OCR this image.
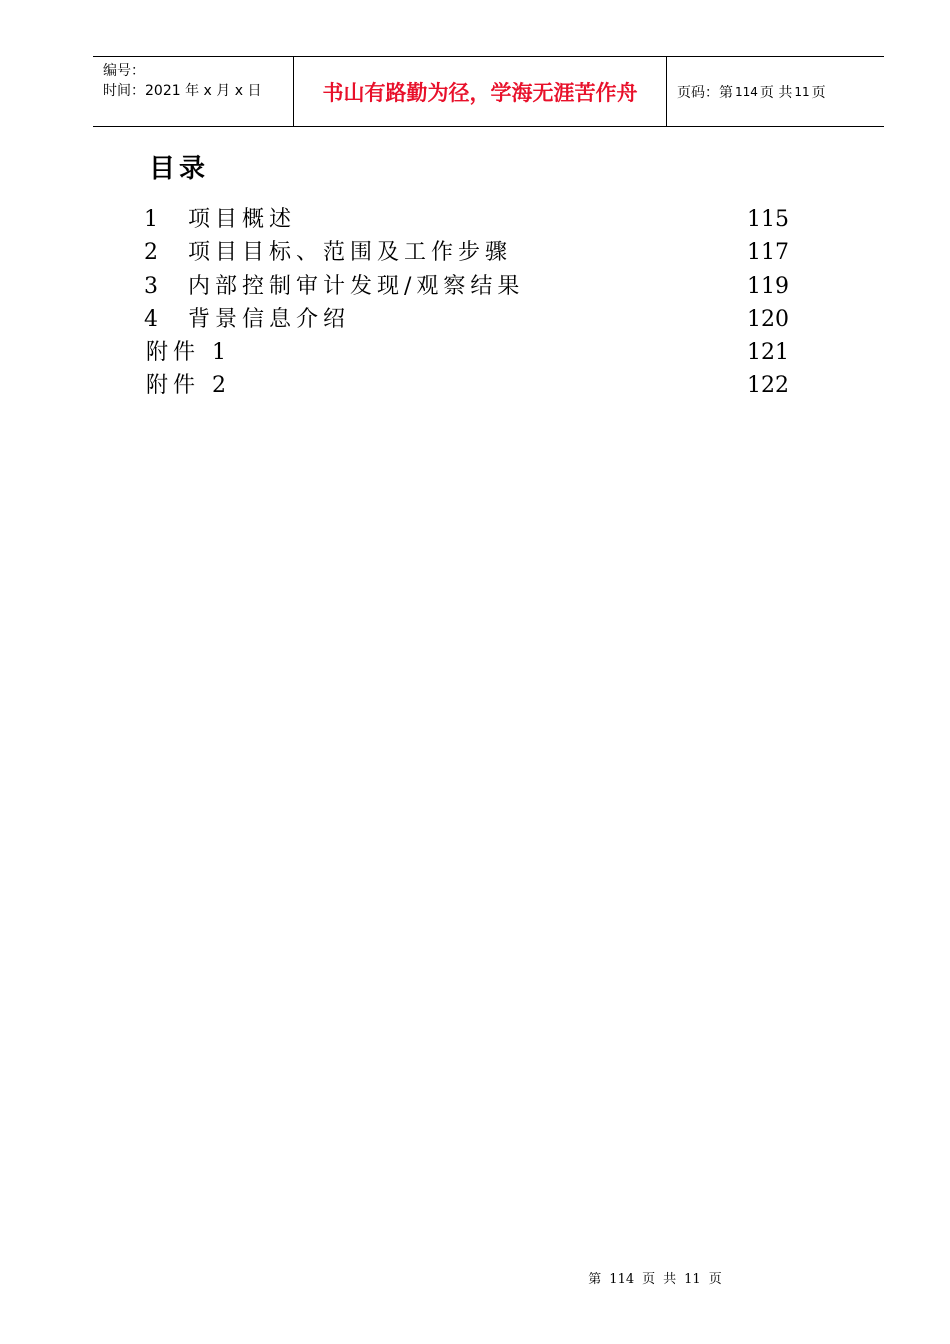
编号：
时间：2021 年 x 月 x 日	书山有路勤为径，学海无涯苦作舟	页码：第 114 页 共 11 页
目录
1 项目概述	115
2 项目目标、范围及工作步骤	117
3 内部控制审计发现/观察结果	119
4 背景信息介绍	120
附件 1	121
附件 2	122
第 114 页 共 11 页
